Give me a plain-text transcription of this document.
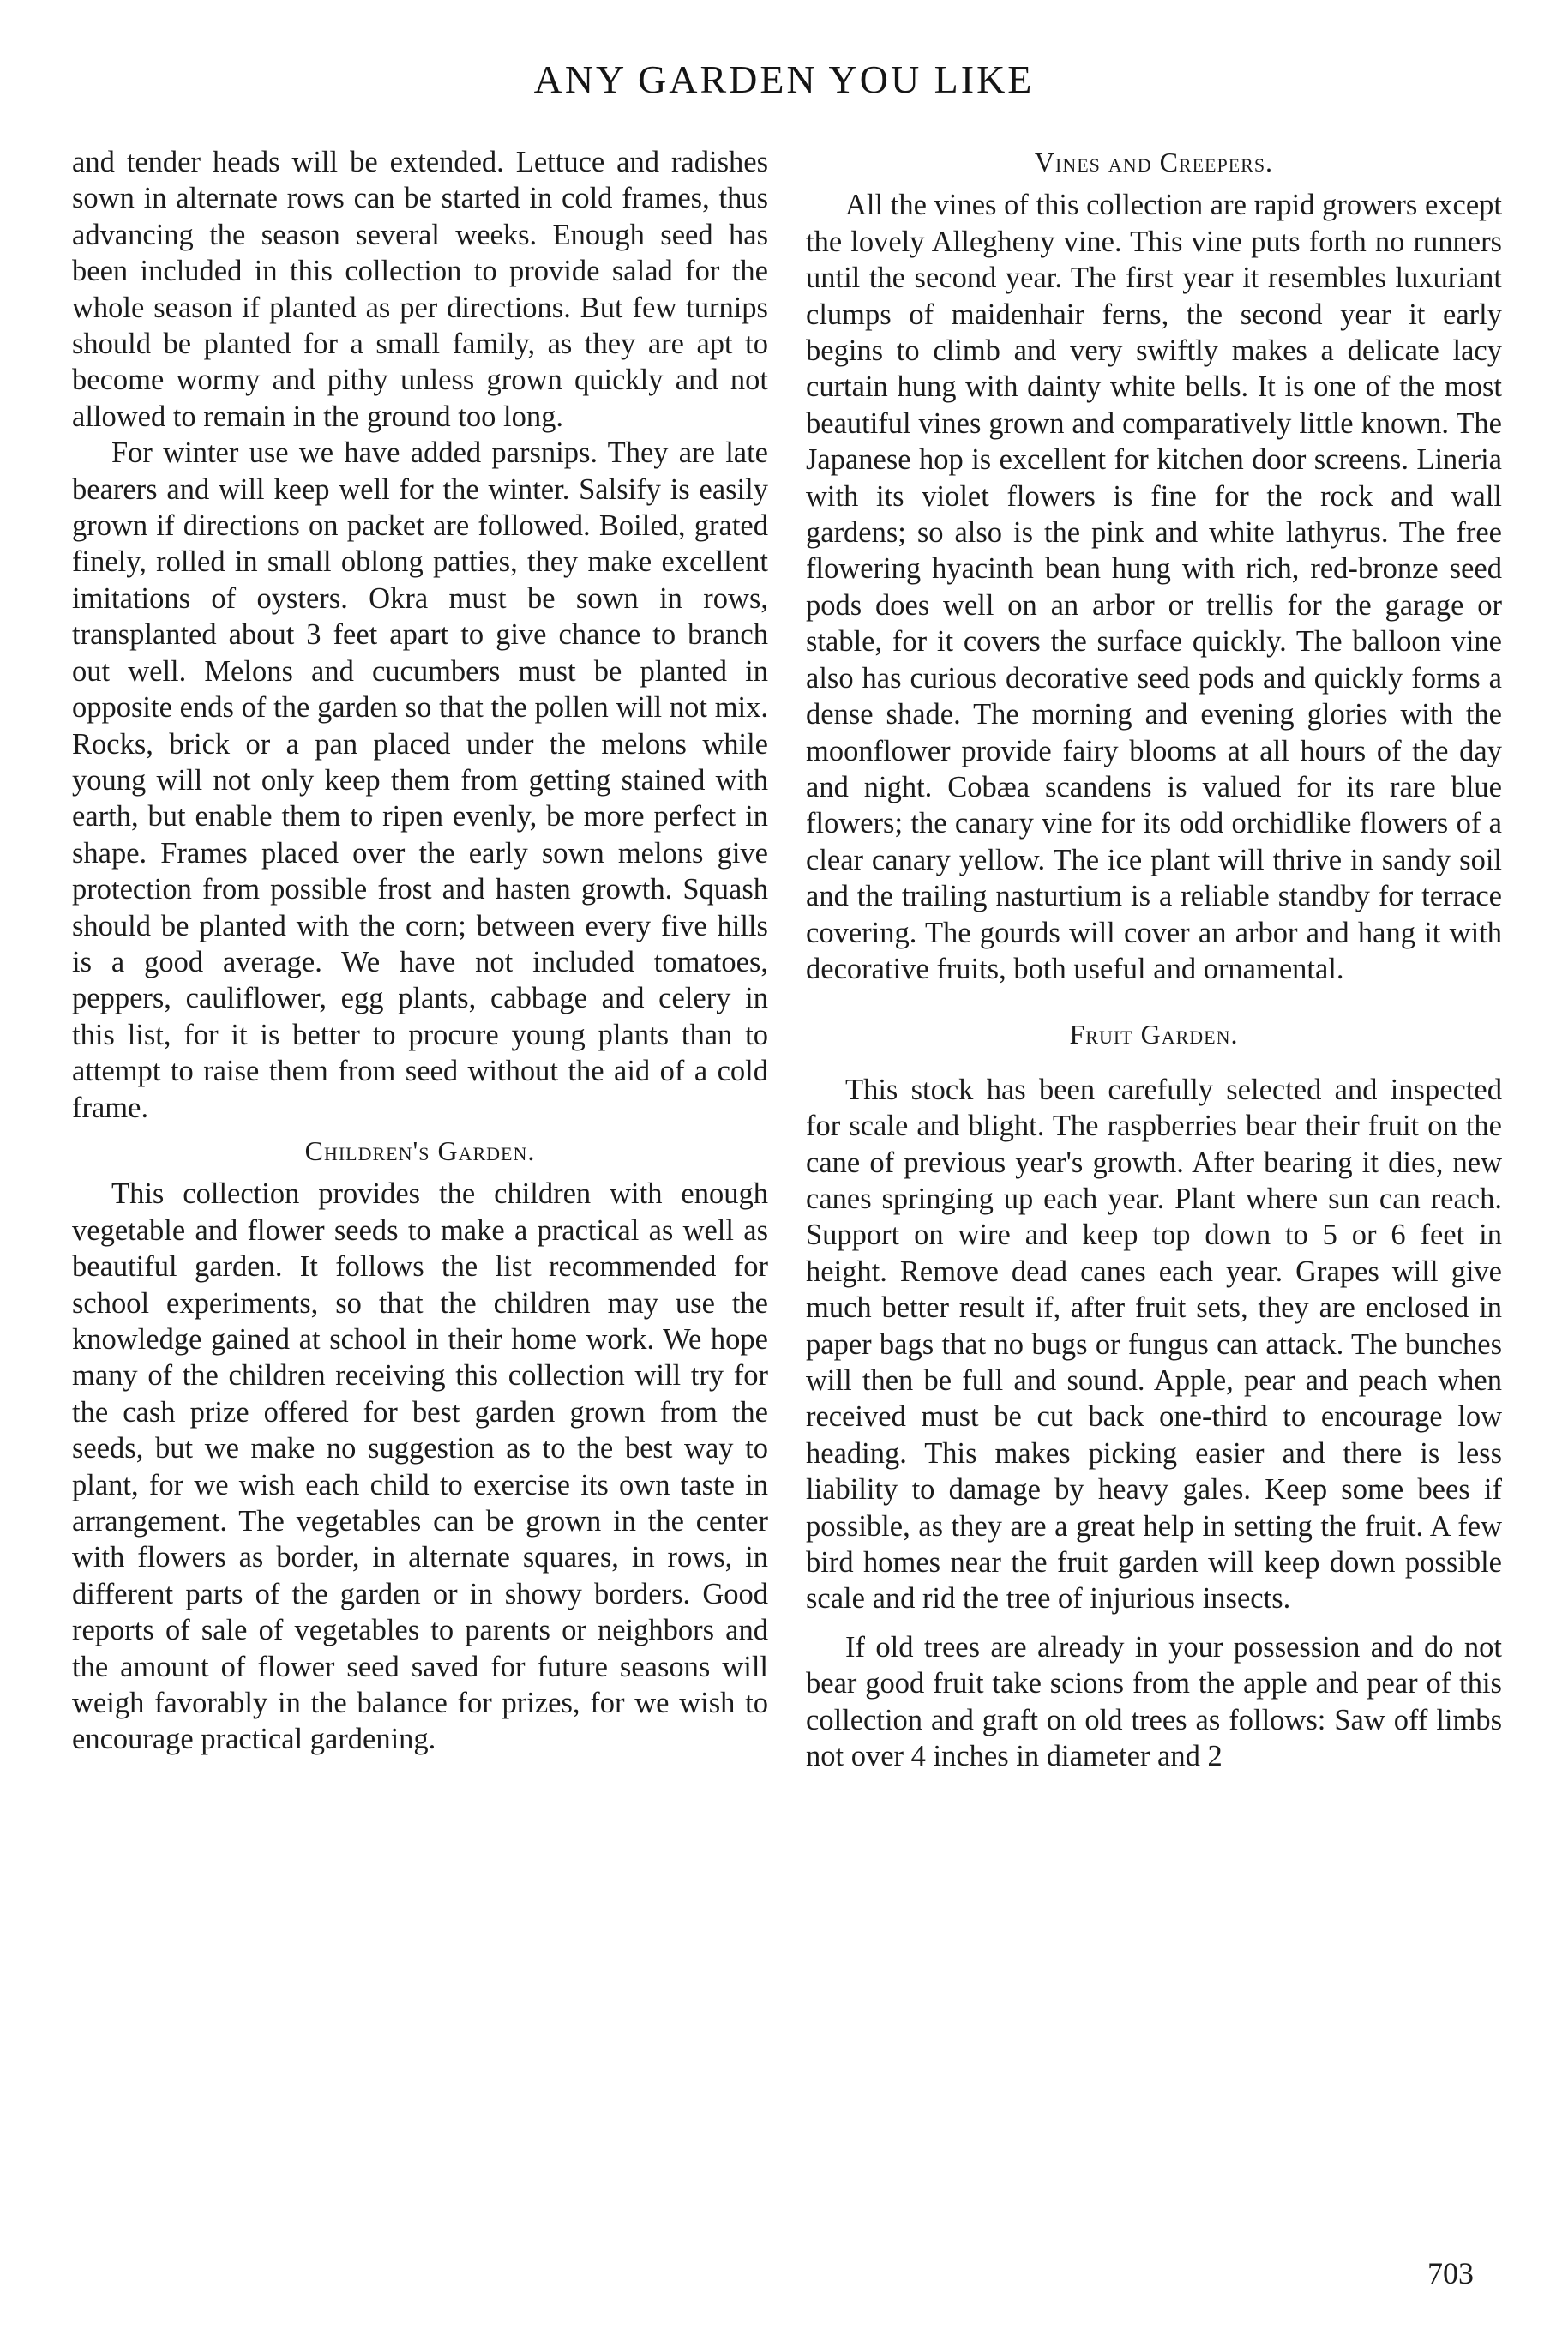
ANY GARDEN YOU LIKE

and tender heads will be extended. Lettuce and radishes sown in alternate rows can be started in cold frames, thus advancing the season several weeks. Enough seed has been included in this collection to provide salad for the whole season if planted as per directions. But few turnips should be planted for a small family, as they are apt to become wormy and pithy unless grown quickly and not allowed to remain in the ground too long.

For winter use we have added parsnips. They are late bearers and will keep well for the winter. Salsify is easily grown if directions on packet are followed. Boiled, grated finely, rolled in small oblong patties, they make excellent imitations of oysters. Okra must be sown in rows, transplanted about 3 feet apart to give chance to branch out well. Melons and cucumbers must be planted in opposite ends of the garden so that the pollen will not mix. Rocks, brick or a pan placed under the melons while young will not only keep them from getting stained with earth, but enable them to ripen evenly, be more perfect in shape. Frames placed over the early sown melons give protection from possible frost and hasten growth. Squash should be planted with the corn; between every five hills is a good average. We have not included tomatoes, peppers, cauliflower, egg plants, cabbage and celery in this list, for it is better to procure young plants than to attempt to raise them from seed without the aid of a cold frame.

Children's Garden.

This collection provides the children with enough vegetable and flower seeds to make a practical as well as beautiful garden. It follows the list recommended for school experiments, so that the children may use the knowledge gained at school in their home work. We hope many of the children receiving this collection will try for the cash prize offered for best garden grown from the seeds, but we make no suggestion as to the best way to plant, for we wish each child to exercise its own taste in arrangement. The vegetables can be grown in the center with flowers as border, in alternate squares, in rows, in different parts of the garden or in showy borders. Good reports of sale of vegetables to parents or neighbors and the amount of flower seed saved for future seasons will weigh favorably in the balance for prizes, for we wish to encourage practical gardening.

Vines and Creepers.

All the vines of this collection are rapid growers except the lovely Allegheny vine. This vine puts forth no runners until the second year. The first year it resembles luxuriant clumps of maidenhair ferns, the second year it early begins to climb and very swiftly makes a delicate lacy curtain hung with dainty white bells. It is one of the most beautiful vines grown and comparatively little known. The Japanese hop is excellent for kitchen door screens. Lineria with its violet flowers is fine for the rock and wall gardens; so also is the pink and white lathyrus. The free flowering hyacinth bean hung with rich, red-bronze seed pods does well on an arbor or trellis for the garage or stable, for it covers the surface quickly. The balloon vine also has curious decorative seed pods and quickly forms a dense shade. The morning and evening glories with the moonflower provide fairy blooms at all hours of the day and night. Cobæa scandens is valued for its rare blue flowers; the canary vine for its odd orchidlike flowers of a clear canary yellow. The ice plant will thrive in sandy soil and the trailing nasturtium is a reliable standby for terrace covering. The gourds will cover an arbor and hang it with decorative fruits, both useful and ornamental.

Fruit Garden.

This stock has been carefully selected and inspected for scale and blight. The raspberries bear their fruit on the cane of previous year's growth. After bearing it dies, new canes springing up each year. Plant where sun can reach. Support on wire and keep top down to 5 or 6 feet in height. Remove dead canes each year. Grapes will give much better result if, after fruit sets, they are enclosed in paper bags that no bugs or fungus can attack. The bunches will then be full and sound. Apple, pear and peach when received must be cut back one-third to encourage low heading. This makes picking easier and there is less liability to damage by heavy gales. Keep some bees if possible, as they are a great help in setting the fruit. A few bird homes near the fruit garden will keep down possible scale and rid the tree of injurious insects.

If old trees are already in your possession and do not bear good fruit take scions from the apple and pear of this collection and graft on old trees as follows: Saw off limbs not over 4 inches in diameter and 2

703
